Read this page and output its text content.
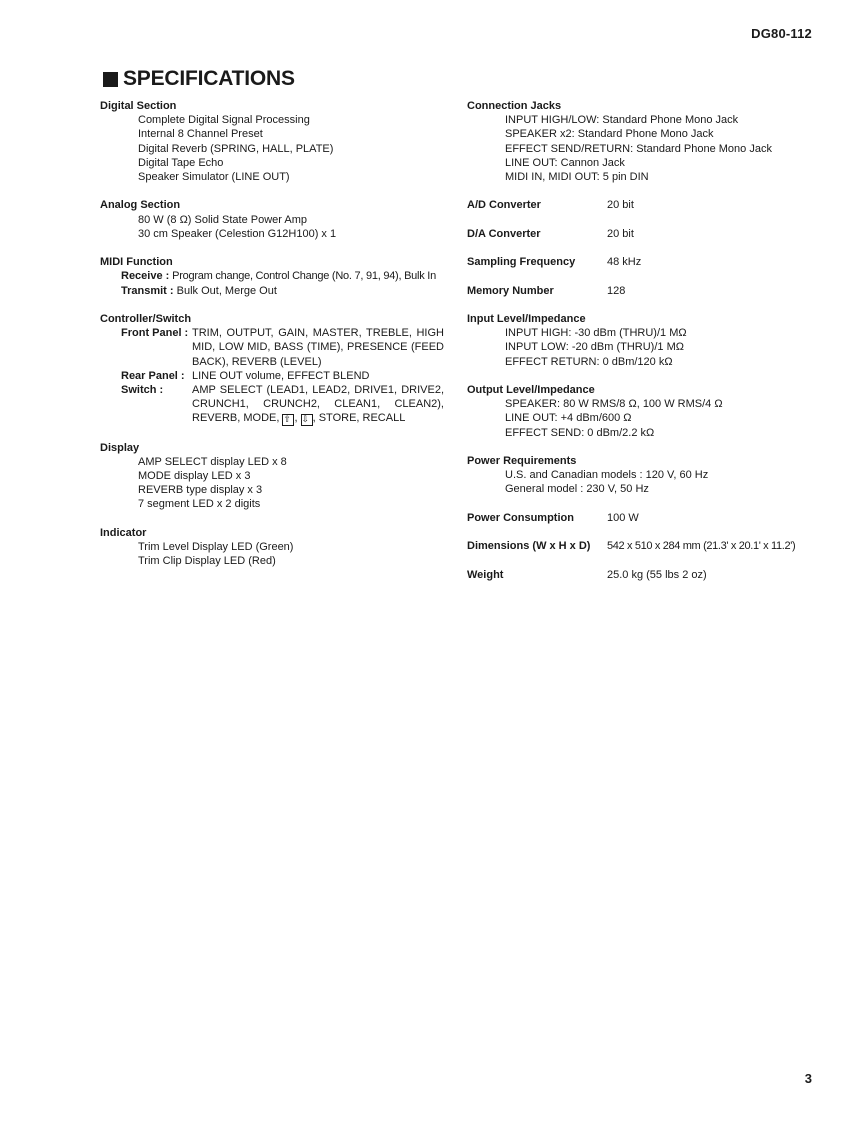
DG80-112
SPECIFICATIONS
Digital Section
Complete Digital Signal Processing
Internal 8 Channel Preset
Digital Reverb (SPRING, HALL, PLATE)
Digital Tape Echo
Speaker Simulator (LINE OUT)
Analog Section
80 W (8 Ω) Solid State Power Amp
30 cm Speaker (Celestion G12H100) x 1
MIDI Function
Receive : Program change, Control Change (No. 7, 91, 94), Bulk In
Transmit : Bulk Out, Merge Out
Controller/Switch
Front Panel : TRIM, OUTPUT, GAIN, MASTER, TREBLE, HIGH MID, LOW MID, BASS (TIME), PRESENCE (FEED BACK), REVERB (LEVEL)
Rear Panel : LINE OUT volume, EFFECT BLEND
Switch :	AMP SELECT (LEAD1, LEAD2, DRIVE1, DRIVE2, CRUNCH1, CRUNCH2, CLEAN1, CLEAN2), REVERB, MODE, ⇧ , ⇩ , STORE, RECALL
Display
AMP SELECT display LED x 8
MODE display LED x 3
REVERB type display x 3
7 segment LED x 2 digits
Indicator
Trim Level Display LED (Green)
Trim Clip Display LED (Red)
Connection Jacks
INPUT HIGH/LOW: Standard Phone Mono Jack
SPEAKER x2: Standard Phone Mono Jack
EFFECT SEND/RETURN: Standard Phone Mono Jack
LINE OUT: Cannon Jack
MIDI IN, MIDI OUT: 5 pin DIN
A/D Converter	20 bit
D/A Converter	20 bit
Sampling Frequency	48 kHz
Memory Number	128
Input Level/Impedance
INPUT HIGH: -30 dBm (THRU)/1 MΩ
INPUT LOW: -20 dBm (THRU)/1 MΩ
EFFECT RETURN: 0 dBm/120 kΩ
Output Level/Impedance
SPEAKER: 80 W RMS/8 Ω, 100 W RMS/4 Ω
LINE OUT: +4 dBm/600 Ω
EFFECT SEND: 0 dBm/2.2 kΩ
Power Requirements
U.S. and Canadian models : 120 V, 60 Hz
General model : 230 V, 50 Hz
Power Consumption	100 W
Dimensions (W x H x D)	542 x 510 x 284 mm (21.3' x 20.1' x 11.2')
Weight	25.0 kg (55 lbs 2 oz)
3
